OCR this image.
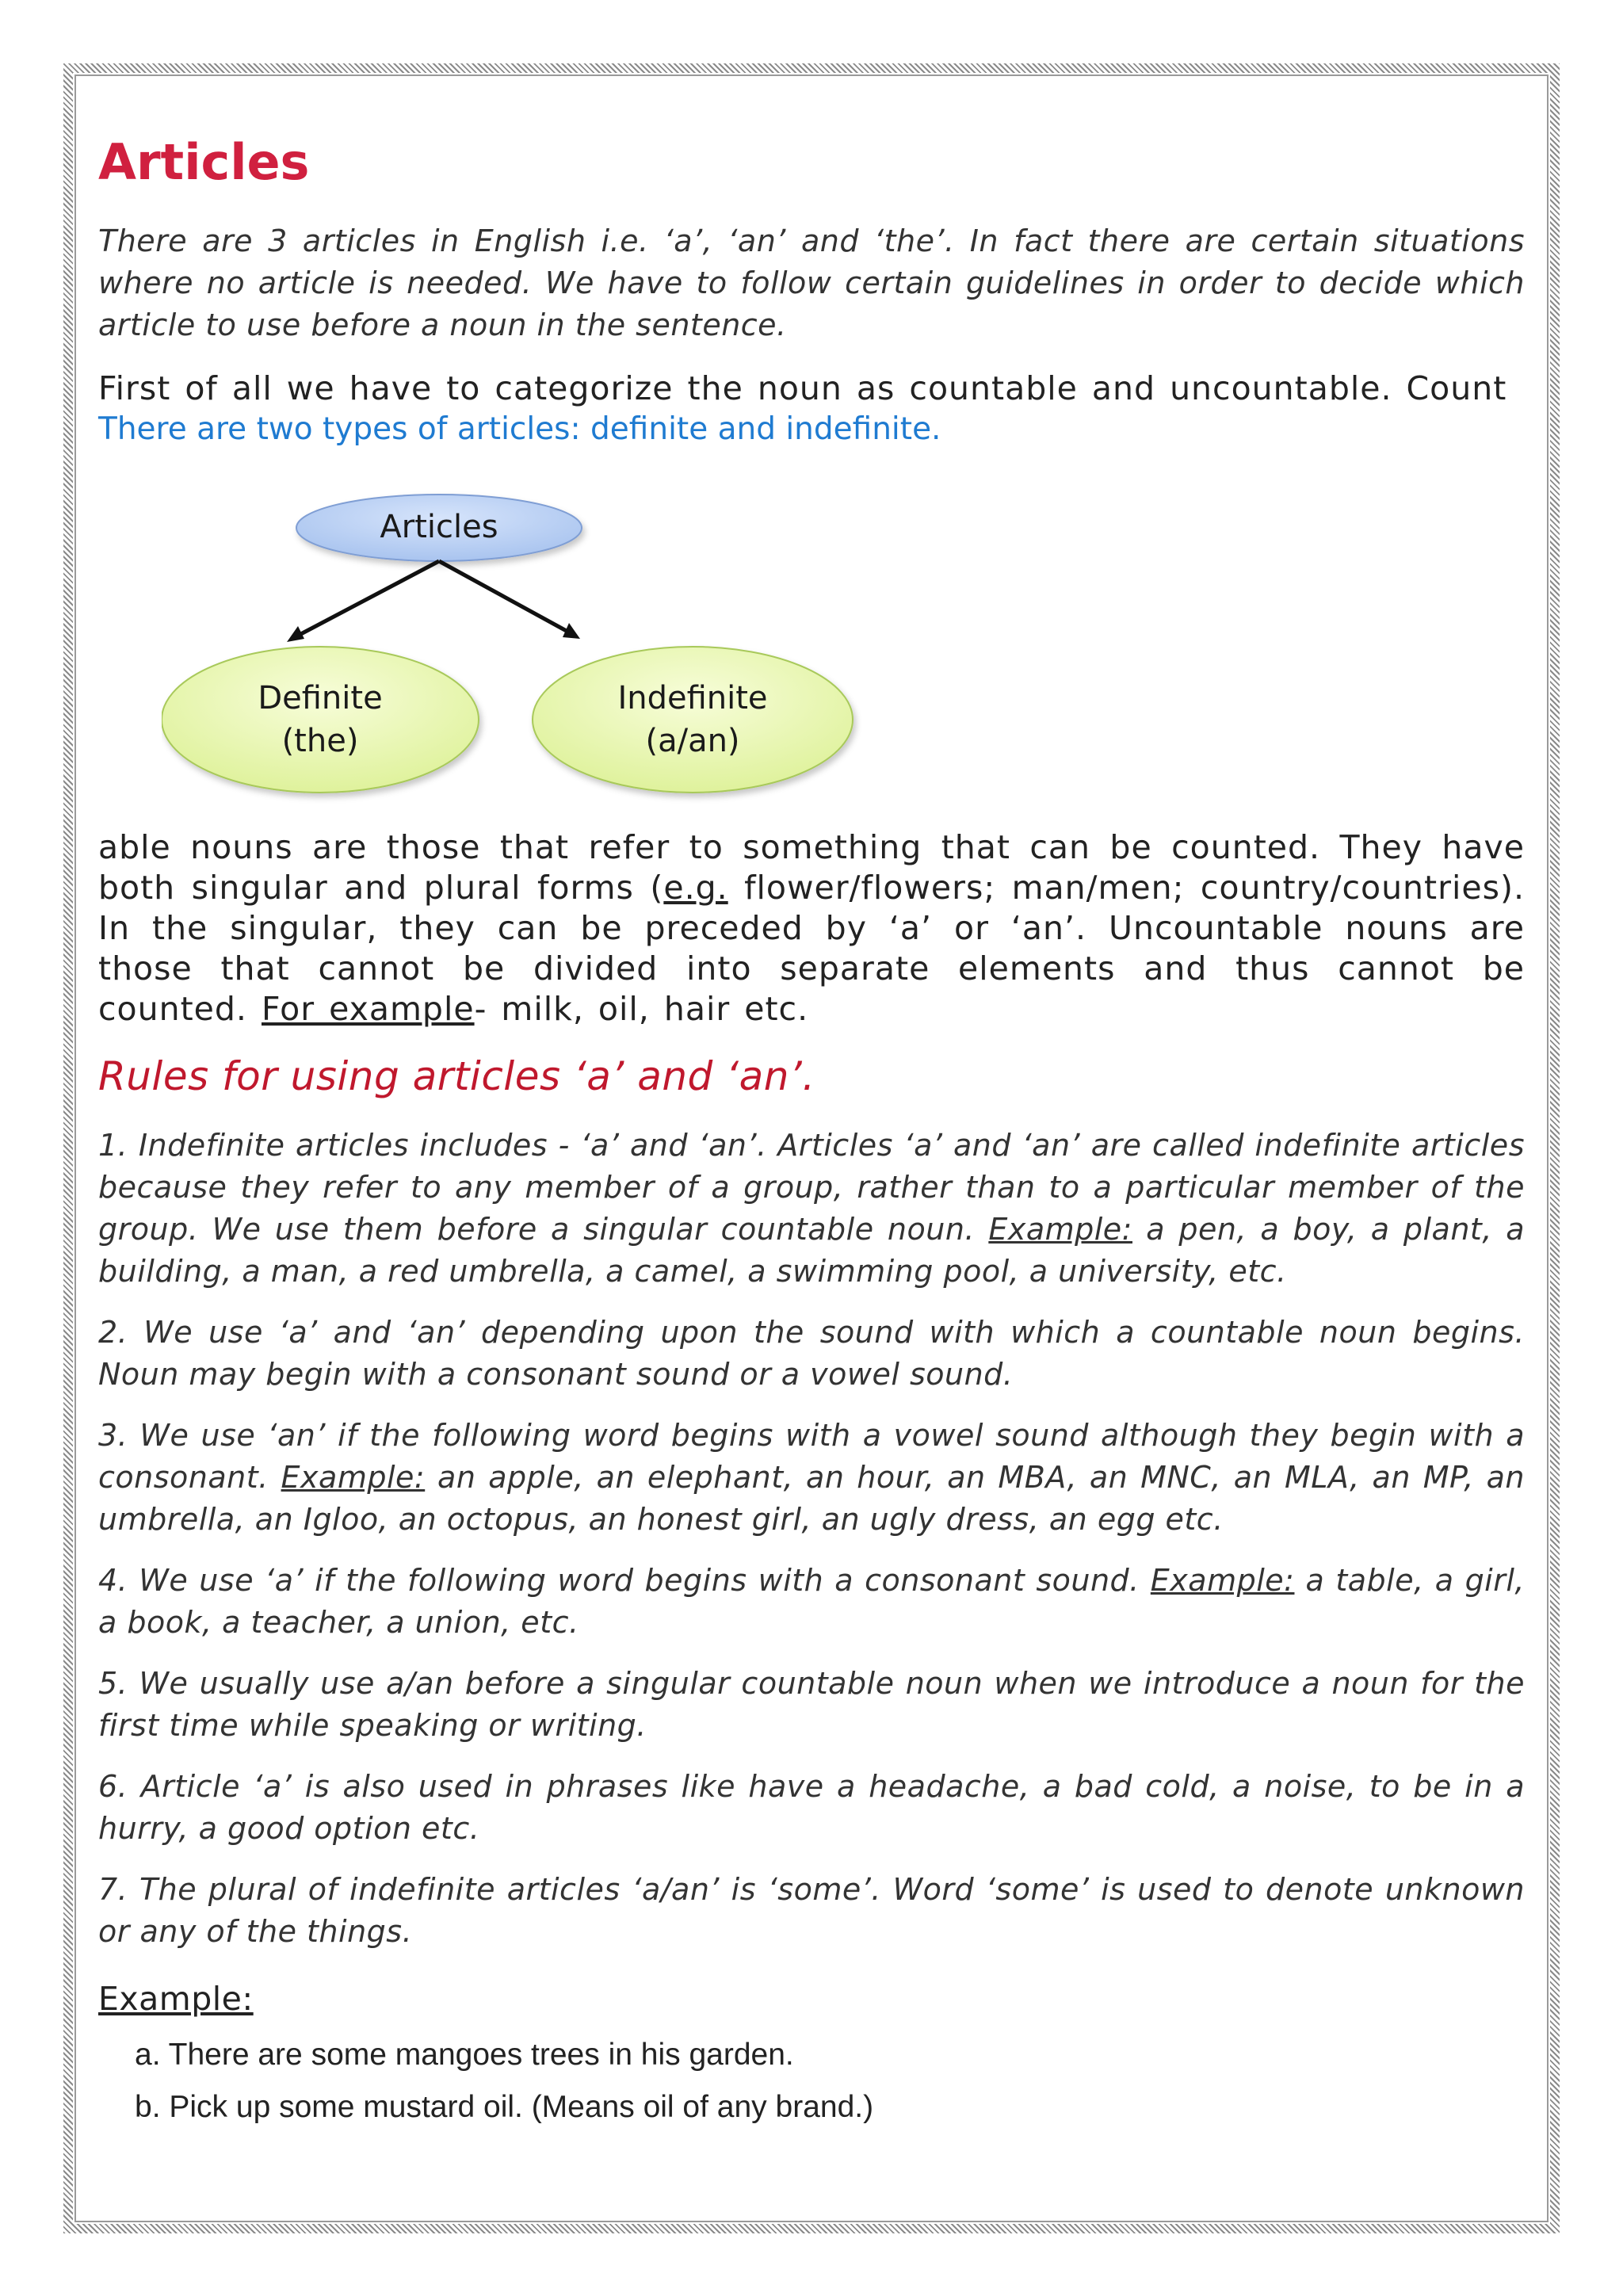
Articles

There are 3 articles in English i.e. ‘a’, ‘an’ and ‘the’. In fact there are certain situations where no article is needed. We have to follow certain guidelines in order to decide which article to use before a noun in the sentence.

First of all we have to categorize the noun as countable and uncountable. Count

There are two types of articles: definite and indefinite.

Articles
Definite
(the)
Indefinite
(a/an)

able nouns are those that refer to something that can be counted. They have both singular and plural forms (e.g. flower/flowers; man/men; country/countries). In the singular, they can be preceded by ‘a’ or ‘an’. Uncountable nouns are those that cannot be divided into separate elements and thus cannot be counted. For example- milk, oil, hair etc.

Rules for using articles ‘a’ and ‘an’.

1. Indefinite articles includes - ‘a’ and ‘an’. Articles ‘a’ and ‘an’ are called indefinite articles because they refer to any member of a group, rather than to a particular member of the group. We use them before a singular countable noun. Example: a pen, a boy, a plant, a building, a man, a red umbrella, a camel, a swimming pool, a university, etc.

2. We use ‘a’ and ‘an’ depending upon the sound with which a countable noun begins. Noun may begin with a consonant sound or a vowel sound.

3. We use ‘an’ if the following word begins with a vowel sound although they begin with a consonant. Example: an apple, an elephant, an hour, an MBA, an MNC, an MLA, an MP, an umbrella, an Igloo, an octopus, an honest girl, an ugly dress, an egg etc.

4. We use ‘a’ if the following word begins with a consonant sound. Example: a table, a girl, a book, a teacher, a union, etc.

5. We usually use a/an before a singular countable noun when we introduce a noun for the first time while speaking or writing.

6. Article ‘a’ is also used in phrases like have a headache, a bad cold, a noise, to be in a hurry, a good option etc.

7. The plural of indefinite articles ‘a/an’ is ‘some’. Word ‘some’ is used to denote unknown or any of the things.

Example:

a. There are some mangoes trees in his garden.
b. Pick up some mustard oil. (Means oil of any brand.)
